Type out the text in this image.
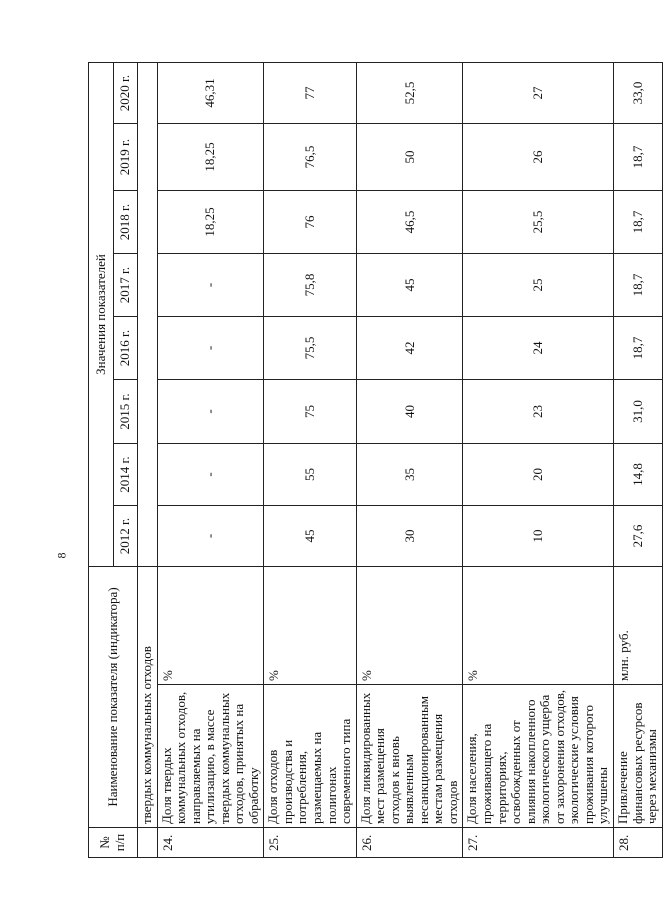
8
№ п/п	Наименование показателя (индикатора)		Значения показателей							
			2012 г.	2014 г.	2015 г.	2016 г.	2017 г.	2018 г.	2019 г.	2020 г.
	твердых коммунальных отходов									
24.	Доля твердых коммунальных отходов, направляемых на утилизацию, в массе твердых коммунальных отходов, принятых на обработку	%	-	-	-	-	-	18,25	18,25	46,31
25.	Доля отходов производства и потребления, размещаемых на полигонах современного типа	%	45	55	75	75,5	75,8	76	76,5	77
26.	Доля ликвидированных мест размещения отходов к вновь выявленным несанкционированным местам размещения отходов	%	30	35	40	42	45	46,5	50	52,5
27.	Доля населения, проживающего на территориях, освобожденных от влияния накопленного экологического ущерба от захоронения отходов, экологические условия проживания которого улучшены	%	10	20	23	24	25	25,5	26	27
28.	Привлечение финансовых ресурсов через механизмы	млн. руб.	27,6	14,8	31,0	18,7	18,7	18,7	18,7	33,0
